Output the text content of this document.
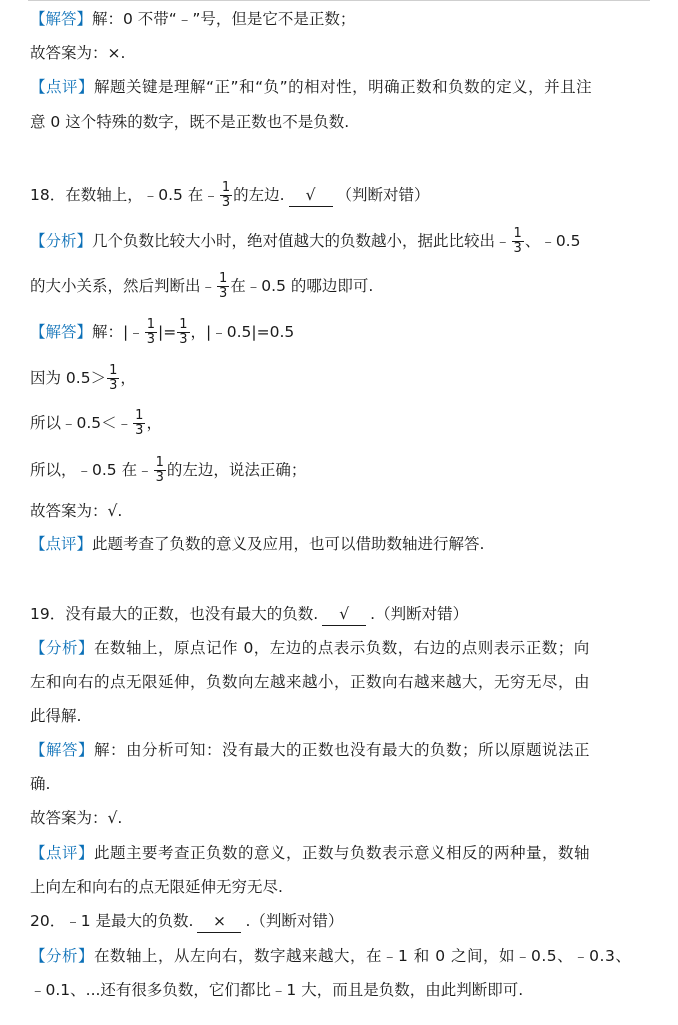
【解答】解：0 不带“﹣”号，但是它不是正数；
故答案为：×.
【点评】解题关键是理解“正”和“负”的相对性，明确正数和负数的定义，并且注
意 0 这个特殊的数字，既不是正数也不是负数.
18．在数轴上，﹣0.5 在﹣ $\frac{1}{3}$ 的左边. √ （判断对错）
【分析】几个负数比较大小时，绝对值越大的负数越小，据此比较出﹣ $\frac{1}{3}$ 、﹣0.5
的大小关系，然后判断出﹣ $\frac{1}{3}$ 在﹣0.5 的哪边即可.
【解答】解：|﹣ $\frac{1}{3}$ |= $\frac{1}{3}$ ，|﹣0.5|=0.5
因为 $0.5> \frac{1}{3}$ ，
所以﹣0.5＜﹣ $\frac{1}{3}$ ，
所以，﹣0.5 在﹣ $\frac{1}{3}$ 的左边，说法正确；
故答案为：√.
【点评】此题考查了负数的意义及应用，也可以借助数轴进行解答.
19．没有最大的正数，也没有最大的负数. √ .（判断对错）
【分析】在数轴上，原点记作 0，左边的点表示负数，右边的点则表示正数；向
左和向右的点无限延伸，负数向左越来越小，正数向右越来越大，无穷无尽，由
此得解.
【解答】解：由分析可知：没有最大的正数也没有最大的负数；所以原题说法正
确.
故答案为：√.
【点评】此题主要考查正负数的意义，正数与负数表示意义相反的两种量，数轴
上向左和向右的点无限延伸无穷无尽.
20．﹣1 是最大的负数. × .（判断对错）
【分析】在数轴上，从左向右，数字越来越大，在﹣1 和 0 之间，如﹣0.5、﹣0.3、
﹣0.1、...还有很多负数，它们都比﹣1 大，而且是负数，由此判断即可.
